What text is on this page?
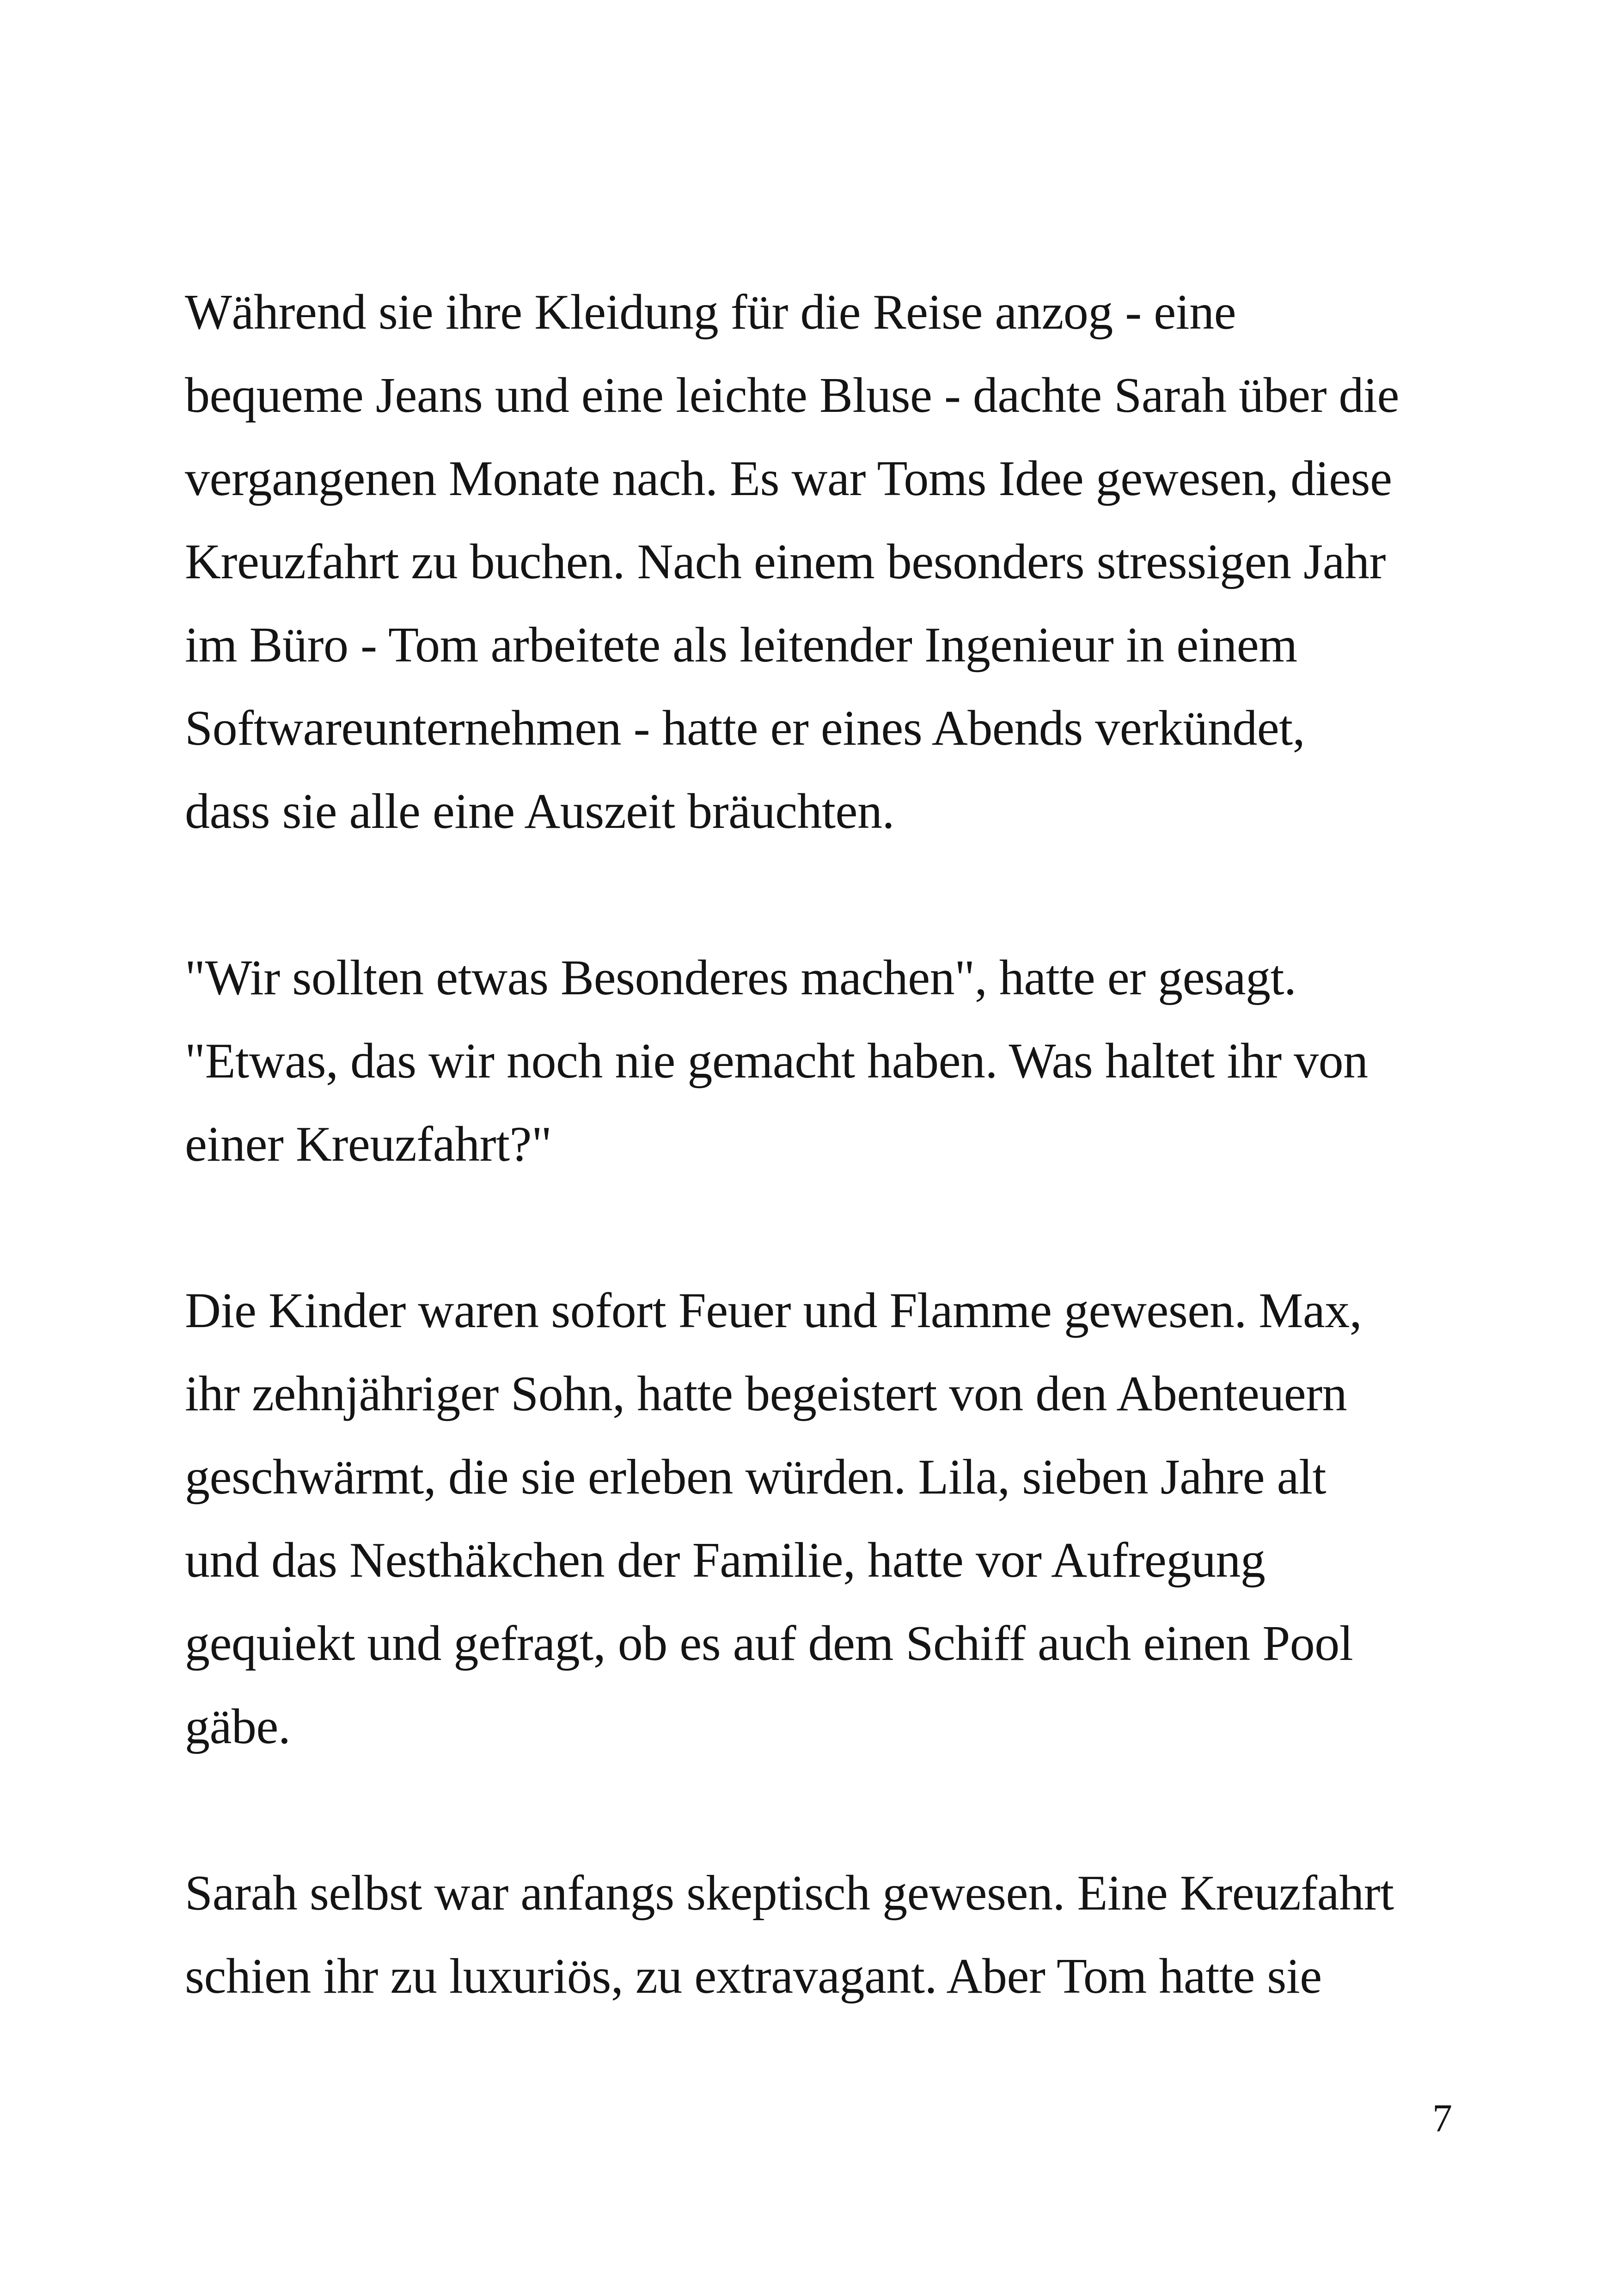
Während sie ihre Kleidung für die Reise anzog - eine
bequeme Jeans und eine leichte Bluse - dachte Sarah über die
vergangenen Monate nach. Es war Toms Idee gewesen, diese
Kreuzfahrt zu buchen. Nach einem besonders stressigen Jahr
im Büro - Tom arbeitete als leitender Ingenieur in einem
Softwareunternehmen - hatte er eines Abends verkündet,
dass sie alle eine Auszeit bräuchten.

"Wir sollten etwas Besonderes machen", hatte er gesagt.
"Etwas, das wir noch nie gemacht haben. Was haltet ihr von
einer Kreuzfahrt?"

Die Kinder waren sofort Feuer und Flamme gewesen. Max,
ihr zehnjähriger Sohn, hatte begeistert von den Abenteuern
geschwärmt, die sie erleben würden. Lila, sieben Jahre alt
und das Nesthäkchen der Familie, hatte vor Aufregung
gequiekt und gefragt, ob es auf dem Schiff auch einen Pool
gäbe.

Sarah selbst war anfangs skeptisch gewesen. Eine Kreuzfahrt
schien ihr zu luxuriös, zu extravagant. Aber Tom hatte sie

7
